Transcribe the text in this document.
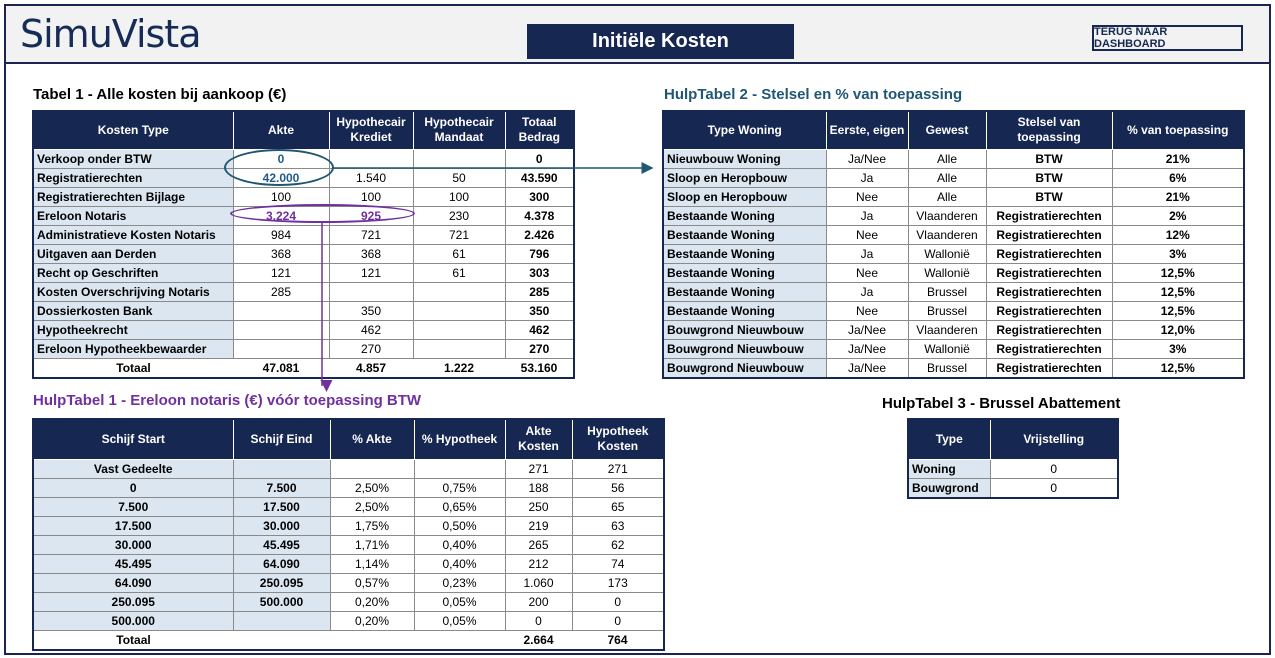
SimuVista	Initiële Kosten	TERUG NAAR DASHBOARD
Tabel 1 - Alle kosten bij aankoop (€)
Kosten Type	Akte	Hypothecair Krediet	Hypothecair Mandaat	Totaal Bedrag
Verkoop onder BTW	0			0
Registratierechten	42.000	1.540	50	43.590
Registratierechten Bijlage	100	100	100	300
Ereloon Notaris	3.224	925	230	4.378
Administratieve Kosten Notaris	984	721	721	2.426
Uitgaven aan Derden	368	368	61	796
Recht op Geschriften	121	121	61	303
Kosten Overschrijving Notaris	285			285
Dossierkosten Bank		350		350
Hypotheekrecht		462		462
Ereloon Hypotheekbewaarder		270		270
Totaal	47.081	4.857	1.222	53.160
HulpTabel 1 - Ereloon notaris (€) vóór toepassing BTW
Schijf Start	Schijf Eind	% Akte	% Hypotheek	Akte Kosten	Hypotheek Kosten
Vast Gedeelte				271	271
0	7.500	2,50%	0,75%	188	56
7.500	17.500	2,50%	0,65%	250	65
17.500	30.000	1,75%	0,50%	219	63
30.000	45.495	1,71%	0,40%	265	62
45.495	64.090	1,14%	0,40%	212	74
64.090	250.095	0,57%	0,23%	1.060	173
250.095	500.000	0,20%	0,05%	200	0
500.000		0,20%	0,05%	0	0
Totaal				2.664	764
HulpTabel 2 - Stelsel en % van toepassing
Type Woning	Eerste, eigen	Gewest	Stelsel van toepassing	% van toepassing
Nieuwbouw Woning	Ja/Nee	Alle	BTW	21%
Sloop en Heropbouw	Ja	Alle	BTW	6%
Sloop en Heropbouw	Nee	Alle	BTW	21%
Bestaande Woning	Ja	Vlaanderen	Registratierechten	2%
Bestaande Woning	Nee	Vlaanderen	Registratierechten	12%
Bestaande Woning	Ja	Wallonië	Registratierechten	3%
Bestaande Woning	Nee	Wallonië	Registratierechten	12,5%
Bestaande Woning	Ja	Brussel	Registratierechten	12,5%
Bestaande Woning	Nee	Brussel	Registratierechten	12,5%
Bouwgrond Nieuwbouw	Ja/Nee	Vlaanderen	Registratierechten	12,0%
Bouwgrond Nieuwbouw	Ja/Nee	Wallonië	Registratierechten	3%
Bouwgrond Nieuwbouw	Ja/Nee	Brussel	Registratierechten	12,5%
HulpTabel 3 - Brussel Abattement
Type	Vrijstelling
Woning	0
Bouwgrond	0
